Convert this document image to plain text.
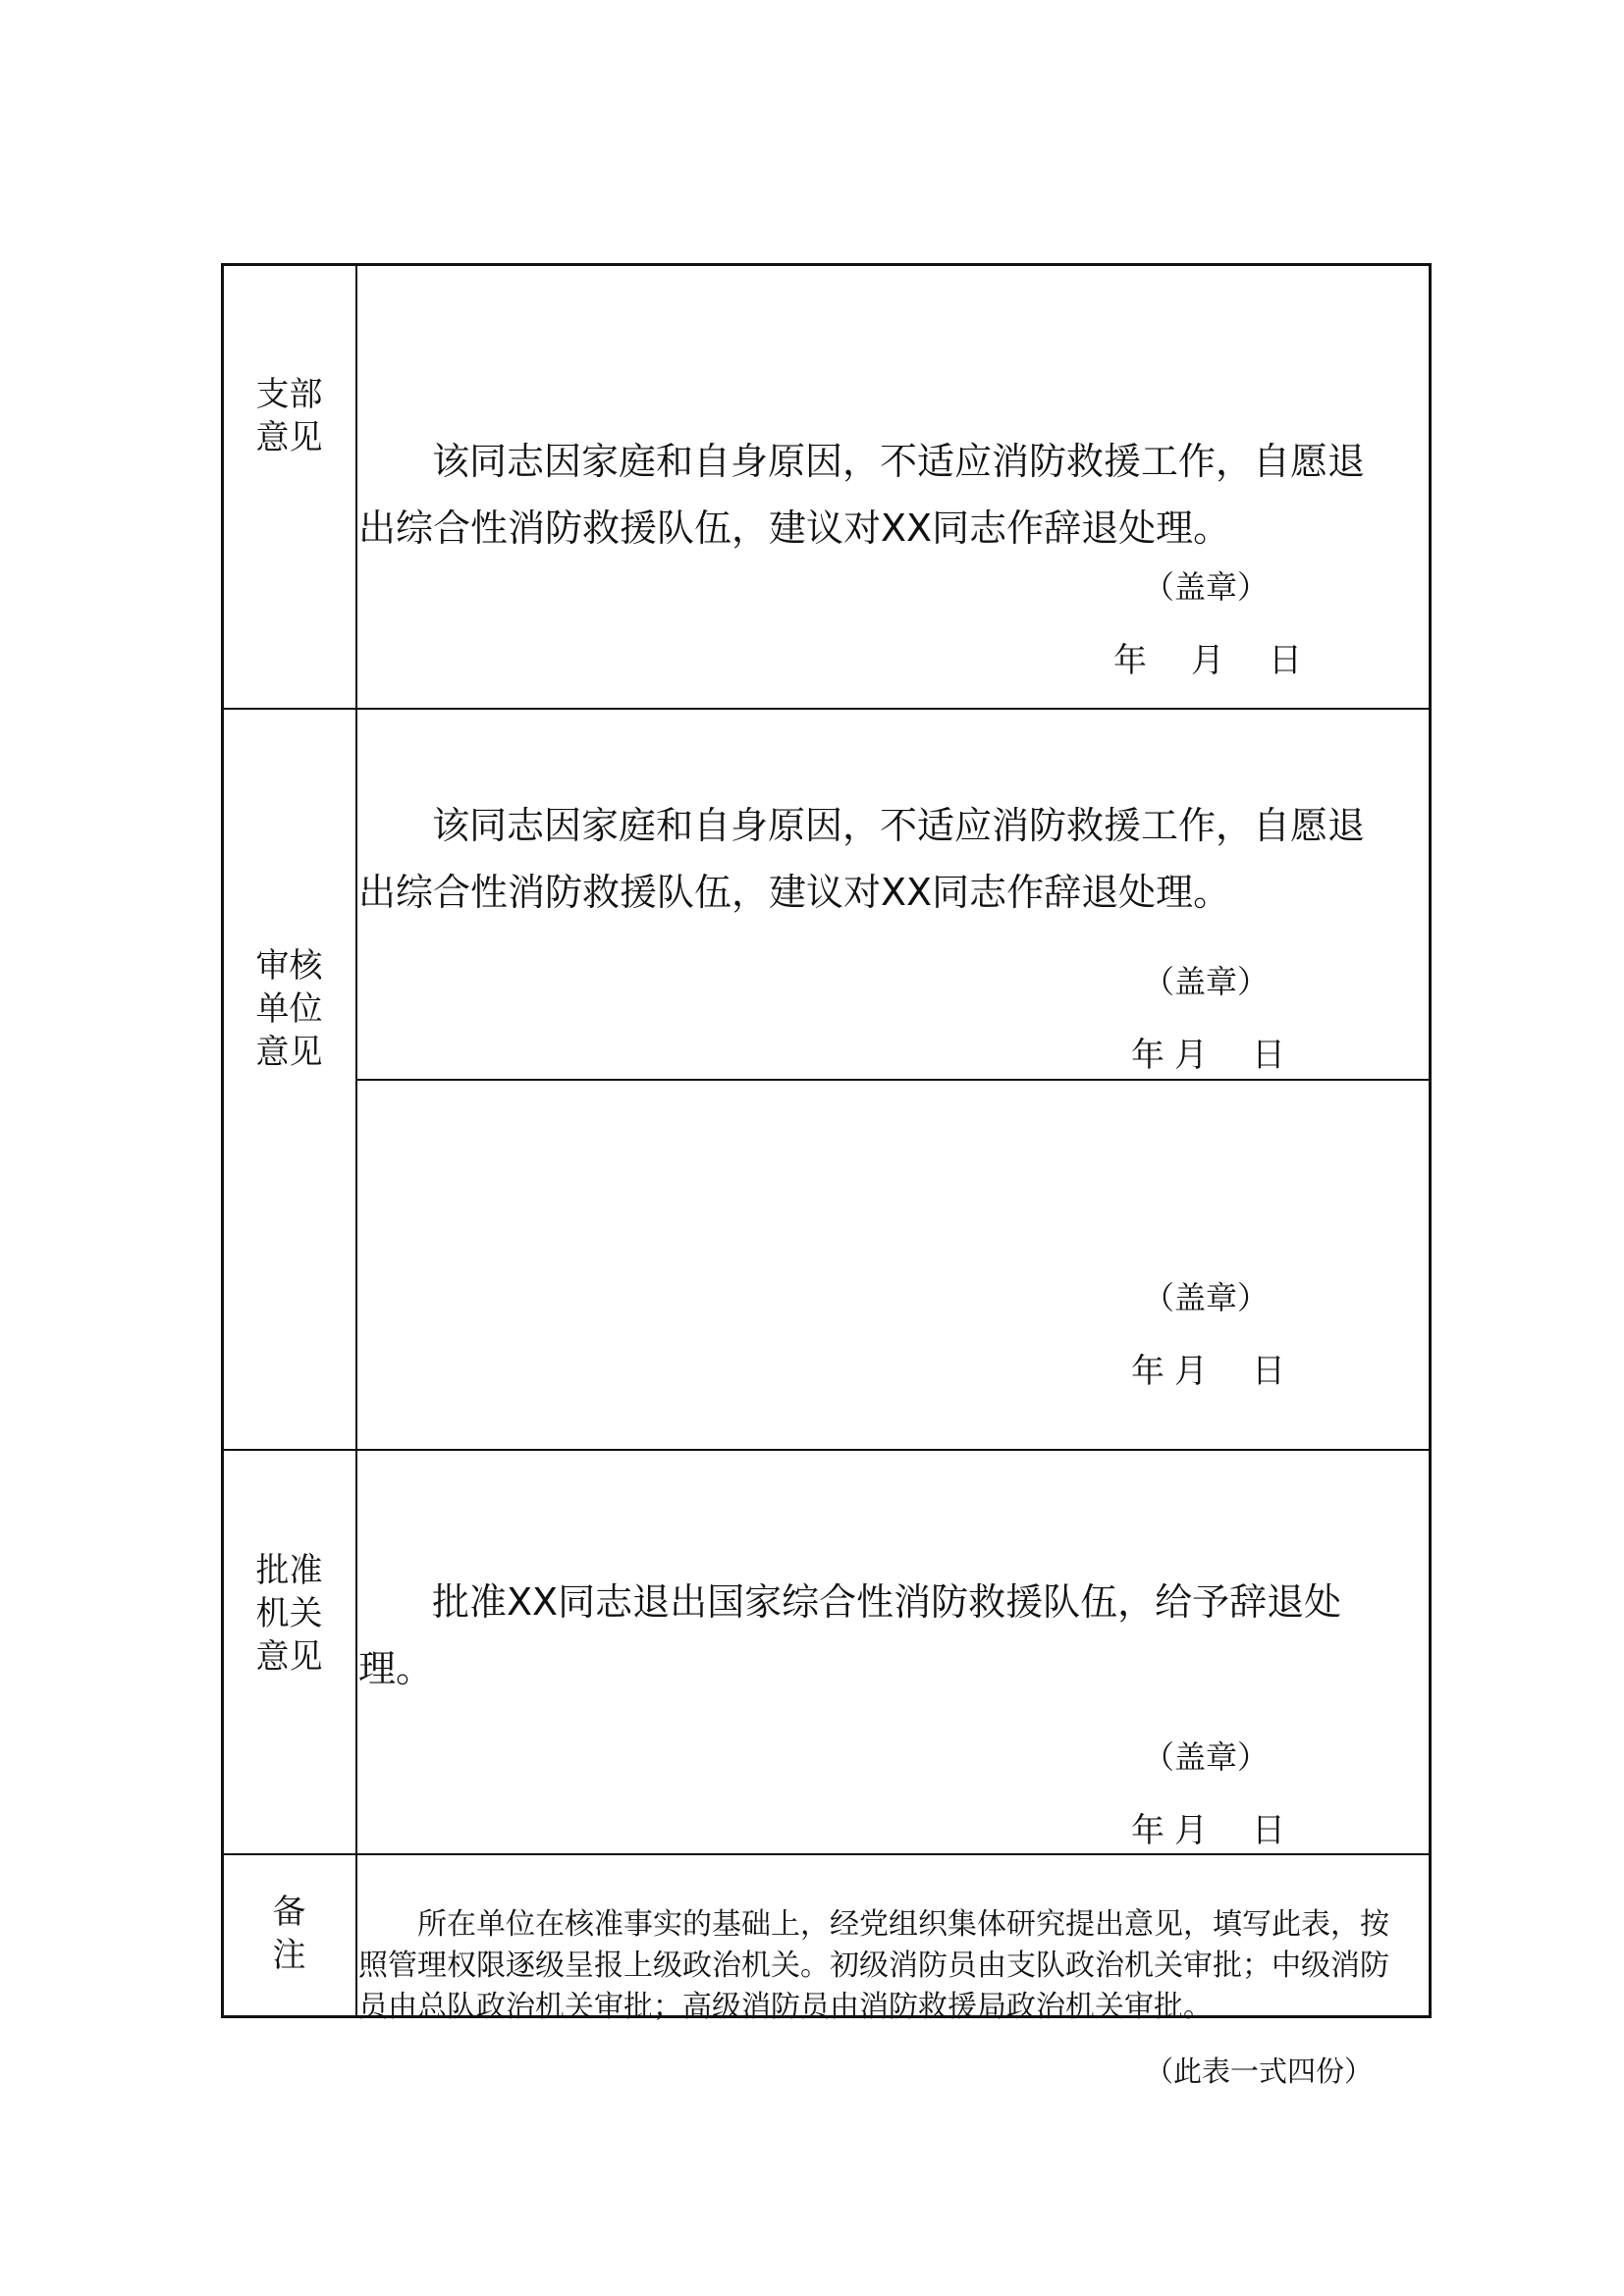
支部
意见
该同志因家庭和自身原因，不适应消防救援工作，自愿退
出综合性消防救援队伍，建议对XX同志作辞退处理。
（盖章）
年 月 日
审核
单位
意见
该同志因家庭和自身原因，不适应消防救援工作，自愿退
出综合性消防救援队伍，建议对XX同志作辞退处理。
（盖章）
年 月 日
（盖章）
年 月 日
批准
机关
意见
批准XX同志退出国家综合性消防救援队伍，给予辞退处
理。
（盖章）
年 月 日
备
注
所在单位在核准事实的基础上，经党组织集体研究提出意见，填写此表，按
照管理权限逐级呈报上级政治机关。初级消防员由支队政治机关审批；中级消防
员由总队政治机关审批；高级消防员由消防救援局政治机关审批。
（此表一式四份）
